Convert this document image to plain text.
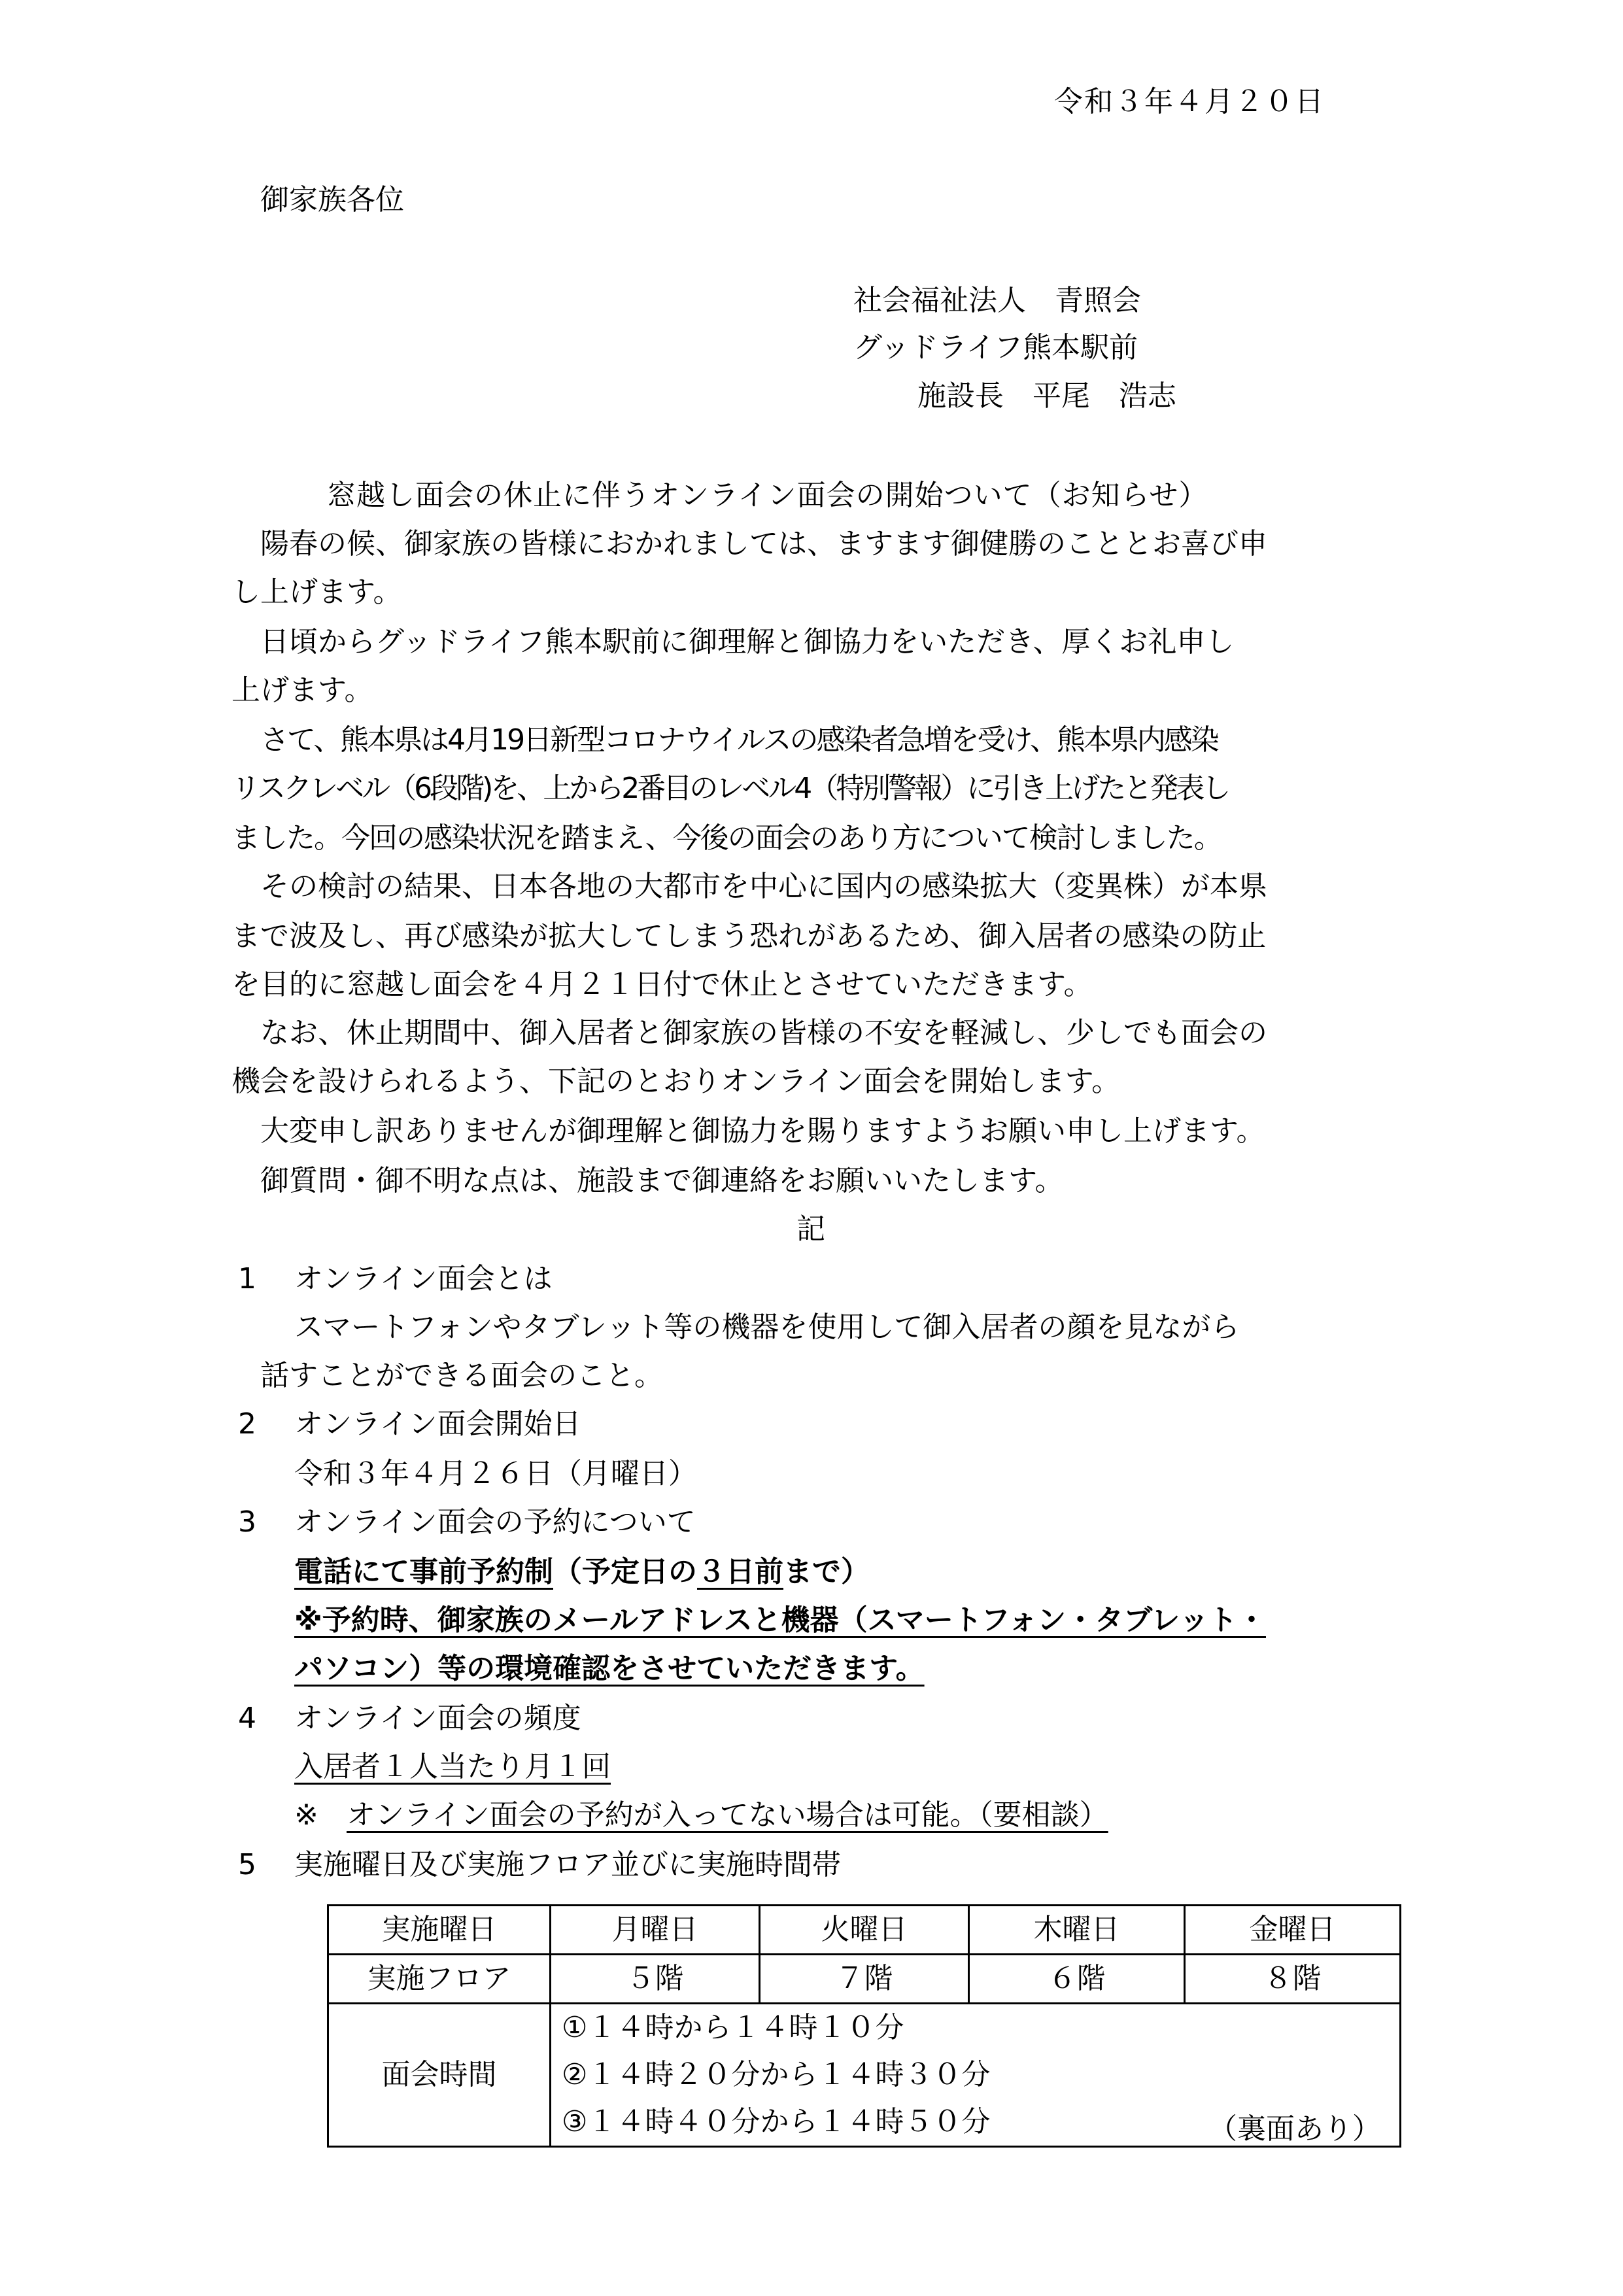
令和３年４月２０日
御家族各位
社会福祉法人　青照会
グッドライフ熊本駅前
施設長　平尾　浩志
窓越し面会の休止に伴うオンライン面会の開始ついて（お知らせ）
陽春の候、御家族の皆様におかれましては、ますます御健勝のこととお喜び申
し上げます。
日頃からグッドライフ熊本駅前に御理解と御協力をいただき、厚くお礼申し
上げます。
さて、熊本県は4月19日新型コロナウイルスの感染者急増を受け、熊本県内感染
リスクレベル（6段階)を、上から2番目のレベル4（特別警報）に引き上げたと発表し
ました。今回の感染状況を踏まえ、今後の面会のあり方について検討しました。
その検討の結果、日本各地の大都市を中心に国内の感染拡大（変異株）が本県
まで波及し、再び感染が拡大してしまう恐れがあるため、御入居者の感染の防止
を目的に窓越し面会を４月２１日付で休止とさせていただきます。
なお、休止期間中、御入居者と御家族の皆様の不安を軽減し、少しでも面会の
機会を設けられるよう、下記のとおりオンライン面会を開始します。
大変申し訳ありませんが御理解と御協力を賜りますようお願い申し上げます。
御質問・御不明な点は、施設まで御連絡をお願いいたします。
記
1 オンライン面会とは
スマートフォンやタブレット等の機器を使用して御入居者の顔を見ながら
話すことができる面会のこと。
2 オンライン面会開始日
令和３年４月２６日（月曜日）
3 オンライン面会の予約について
電話にて事前予約制（予定日の３日前まで）
※予約時、御家族のメールアドレスと機器（スマートフォン・タブレット・
パソコン）等の環境確認をさせていただきます。
4 オンライン面会の頻度
入居者１人当たり月１回
※ オンライン面会の予約が入ってない場合は可能。（要相談）
5 実施曜日及び実施フロア並びに実施時間帯
実施曜日	月曜日	火曜日	木曜日	金曜日
実施フロア	５階	７階	６階	８階
面会時間	①１４時から１４時１０分
②１４時２０分から１４時３０分
③１４時４０分から１４時５０分				（裏面あり）
